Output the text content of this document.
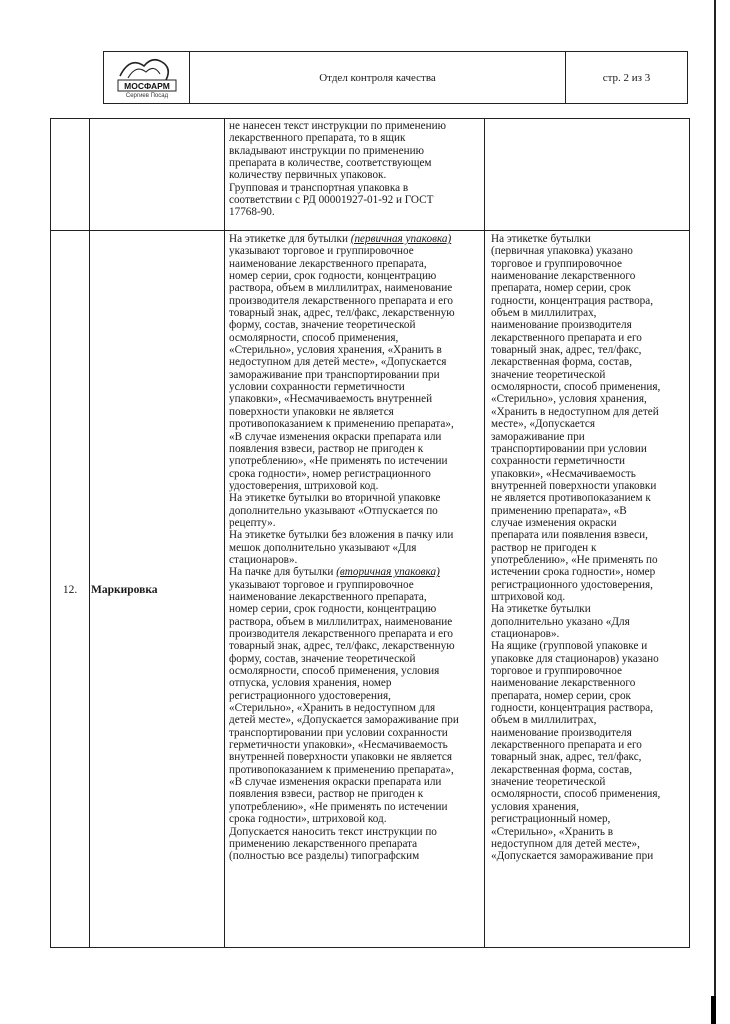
МОСФАРМ
Сергиев Посад
Отдел контроля качества	стр. 2 из 3
не нанесен текст инструкции по применению
лекарственного препарата, то в ящик
вкладывают инструкции по применению
препарата в количестве, соответствующем
количеству первичных упаковок.
Групповая и транспортная упаковка в
соответствии с РД 00001927-01-92 и ГОСТ
17768-90.
12.	Маркировка
На этикетке для бутылки (первичная упаковка)
указывают торговое и группировочное
наименование лекарственного препарата,
номер серии, срок годности, концентрацию
раствора, объем в миллилитрах, наименование
производителя лекарственного препарата и его
товарный знак, адрес, тел/факс, лекарственную
форму, состав, значение теоретической
осмолярности, способ применения,
«Стерильно», условия хранения, «Хранить в
недоступном для детей месте», «Допускается
замораживание при транспортировании при
условии сохранности герметичности
упаковки», «Несмачиваемость внутренней
поверхности упаковки не является
противопоказанием к применению препарата»,
«В случае изменения окраски препарата или
появления взвеси, раствор не пригоден к
употреблению», «Не применять по истечении
срока годности», номер регистрационного
удостоверения, штриховой код.
На этикетке бутылки во вторичной упаковке
дополнительно указывают «Отпускается по
рецепту».
На этикетке бутылки без вложения в пачку или
мешок дополнительно указывают «Для
стационаров».
На пачке для бутылки (вторичная упаковка)
указывают торговое и группировочное
наименование лекарственного препарата,
номер серии, срок годности, концентрацию
раствора, объем в миллилитрах, наименование
производителя лекарственного препарата и его
товарный знак, адрес, тел/факс, лекарственную
форму, состав, значение теоретической
осмолярности, способ применения, условия
отпуска, условия хранения, номер
регистрационного удостоверения,
«Стерильно», «Хранить в недоступном для
детей месте», «Допускается замораживание при
транспортировании при условии сохранности
герметичности упаковки», «Несмачиваемость
внутренней поверхности упаковки не является
противопоказанием к применению препарата»,
«В случае изменения окраски препарата или
появления взвеси, раствор не пригоден к
употреблению», «Не применять по истечении
срока годности», штриховой код.
Допускается наносить текст инструкции по
применению лекарственного препарата
(полностью все разделы) типографским
На этикетке бутылки
(первичная упаковка) указано
торговое и группировочное
наименование лекарственного
препарата, номер серии, срок
годности, концентрация раствора,
объем в миллилитрах,
наименование производителя
лекарственного препарата и его
товарный знак, адрес, тел/факс,
лекарственная форма, состав,
значение теоретической
осмолярности, способ применения,
«Стерильно», условия хранения,
«Хранить в недоступном для детей
месте», «Допускается
замораживание при
транспортировании при условии
сохранности герметичности
упаковки», «Несмачиваемость
внутренней поверхности упаковки
не является противопоказанием к
применению препарата», «В
случае изменения окраски
препарата или появления взвеси,
раствор не пригоден к
употреблению», «Не применять по
истечении срока годности», номер
регистрационного удостоверения,
штриховой код.
На этикетке бутылки
дополнительно указано «Для
стационаров».
На ящике (групповой упаковке и
упаковке для стационаров) указано
торговое и группировочное
наименование лекарственного
препарата, номер серии, срок
годности, концентрация раствора,
объем в миллилитрах,
наименование производителя
лекарственного препарата и его
товарный знак, адрес, тел/факс,
лекарственная форма, состав,
значение теоретической
осмолярности, способ применения,
условия хранения,
регистрационный номер,
«Стерильно», «Хранить в
недоступном для детей месте»,
«Допускается замораживание при
